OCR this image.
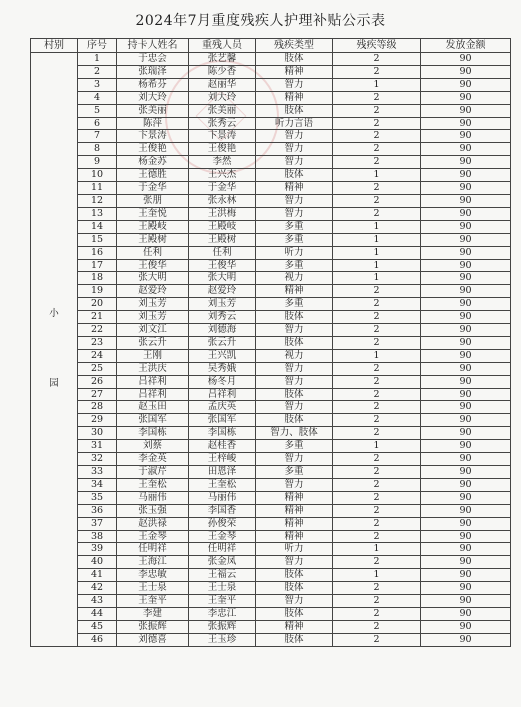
2024年7月重度残疾人护理补贴公示表
村别	序号	持卡人姓名	重残人员	残疾类型	残疾等级	发放金额
小

园	1	于忠会	张艺馨	肢体	2	90
	2	张瑞泽	陈少香	精神	2	90
	3	杨希芬	赵丽华	智力	1	90
	4	刘大玲	刘大玲	精神	2	90
	5	张美丽	张美丽	肢体	2	90
	6	陈萍	张秀云	听力言语	2	90
	7	卞景涛	卞景涛	智力	2	90
	8	王俊艳	王俊艳	智力	2	90
	9	杨金苏	李然	智力	2	90
	10	王德胜	王兴杰	肢体	1	90
	11	于金华	于金华	精神	2	90
	12	张朋	张永林	智力	2	90
	13	王奎悦	王洪梅	智力	2	90
	14	王殿岐	王殿岐	多重	1	90
	15	王殿树	王殿树	多重	1	90
	16	任利	任利	听力	1	90
	17	王俊华	王俊华	多重	1	90
	18	张大明	张大明	视力	1	90
	19	赵爱玲	赵爱玲	精神	2	90
	20	刘玉芳	刘玉芳	多重	2	90
	21	刘玉芳	刘秀云	肢体	2	90
	22	刘文江	刘德海	智力	2	90
	23	张云升	张云升	肢体	2	90
	24	王刚	王兴凯	视力	1	90
	25	王洪庆	吴秀娥	智力	2	90
	26	吕祥利	杨冬月	智力	2	90
	27	吕祥利	吕祥利	肢体	2	90
	28	赵玉田	孟庆英	智力	2	90
	29	张国军	张国军	肢体	2	90
	30	李国栋	李国栋	智力、肢体	2	90
	31	刘蔡	赵桂香	多重	1	90
	32	李金英	王梓峻	智力	2	90
	33	于淑芹	田恩泽	多重	2	90
	34	王奎松	王奎松	智力	2	90
	35	马丽伟	马丽伟	精神	2	90
	36	张玉强	李国香	精神	2	90
	37	赵洪禄	孙俊荣	精神	2	90
	38	王金琴	王金琴	精神	2	90
	39	任明祥	任明祥	听力	1	90
	40	王海江	张金凤	智力	2	90
	41	李忠敏	王福云	肢体	1	90
	42	王士泉	王士泉	肢体	2	90
	43	王奎平	王奎平	智力	2	90
	44	李建	李忠江	肢体	2	90
	45	张振辉	张振辉	精神	2	90
	46	刘德喜	王玉珍	肢体	2	90
